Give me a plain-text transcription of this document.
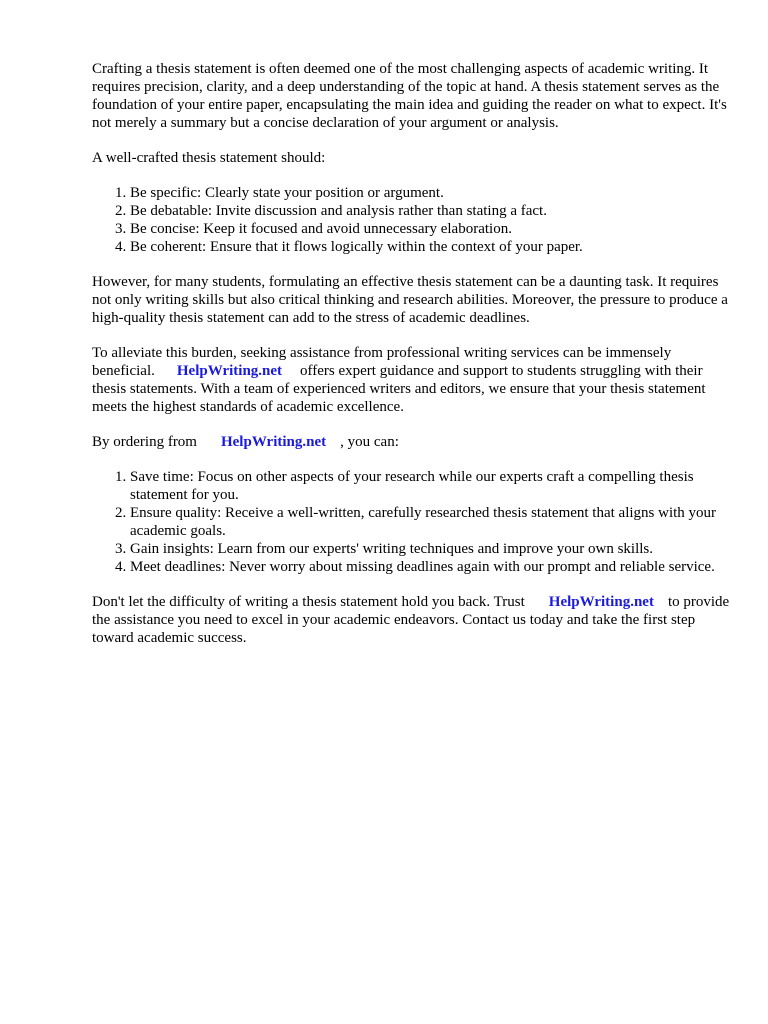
Crafting a thesis statement is often deemed one of the most challenging aspects of academic writing. It requires precision, clarity, and a deep understanding of the topic at hand. A thesis statement serves as the foundation of your entire paper, encapsulating the main idea and guiding the reader on what to expect. It's not merely a summary but a concise declaration of your argument or analysis.

A well-crafted thesis statement should:

1. Be specific: Clearly state your position or argument.
2. Be debatable: Invite discussion and analysis rather than stating a fact.
3. Be concise: Keep it focused and avoid unnecessary elaboration.
4. Be coherent: Ensure that it flows logically within the context of your paper.

However, for many students, formulating an effective thesis statement can be a daunting task. It requires not only writing skills but also critical thinking and research abilities. Moreover, the pressure to produce a high-quality thesis statement can add to the stress of academic deadlines.

To alleviate this burden, seeking assistance from professional writing services can be immensely beneficial. HelpWriting.net offers expert guidance and support to students struggling with their thesis statements. With a team of experienced writers and editors, we ensure that your thesis statement meets the highest standards of academic excellence.

By ordering from HelpWriting.net , you can:

1. Save time: Focus on other aspects of your research while our experts craft a compelling thesis statement for you.
2. Ensure quality: Receive a well-written, carefully researched thesis statement that aligns with your academic goals.
3. Gain insights: Learn from our experts' writing techniques and improve your own skills.
4. Meet deadlines: Never worry about missing deadlines again with our prompt and reliable service.

Don't let the difficulty of writing a thesis statement hold you back. Trust HelpWriting.net to provide the assistance you need to excel in your academic endeavors. Contact us today and take the first step toward academic success.
